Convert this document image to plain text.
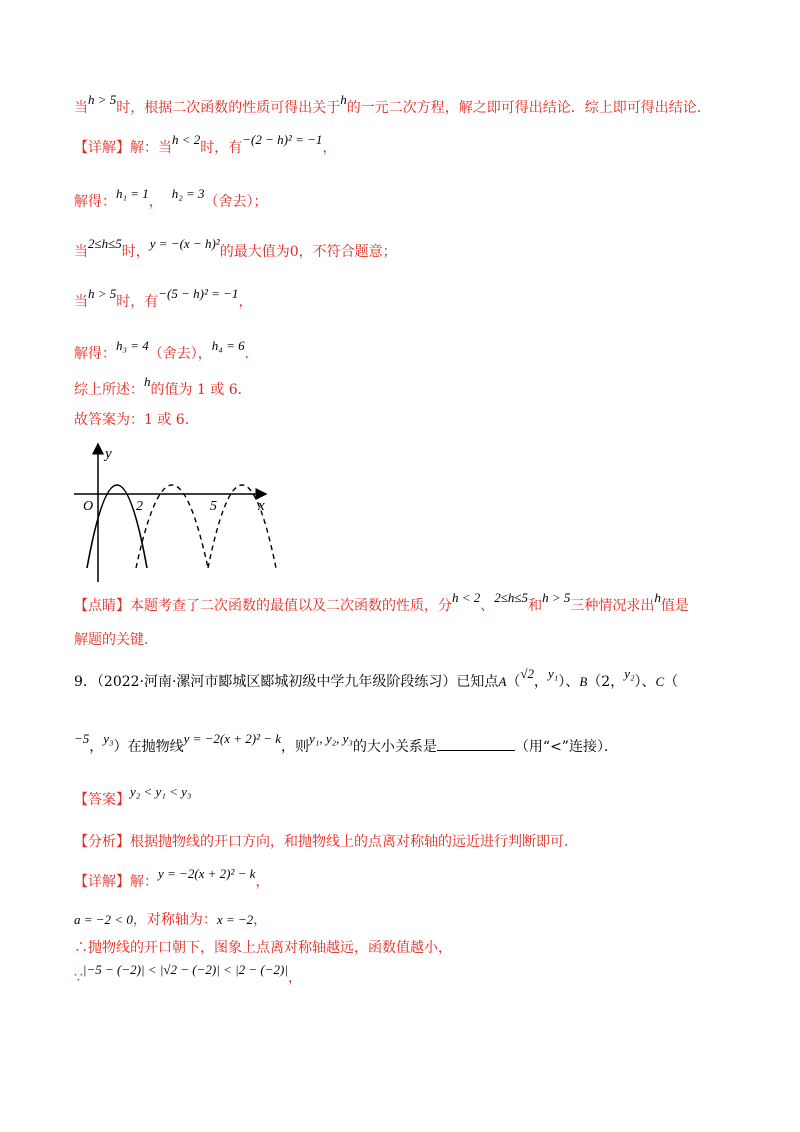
当h > 5时，根据二次函数的性质可得出关于h的一元二次方程，解之即可得出结论．综上即可得出结论．
【详解】解：当h < 2时，有−(2 − h)² = −1，
解得：h₁ = 1，  h₂ = 3（舍去）；
当2≤h≤5时，y = −(x − h)²的最大值为0，不符合题意；
当h > 5时，有−(5 − h)² = −1，
解得：h₃ = 4（舍去），h₄ = 6．
综上所述：h的值为 1 或 6．
故答案为：1 或 6．
y
x
O	2	5
【点睛】本题考查了二次函数的最值以及二次函数的性质，分h < 2、2≤h≤5和h > 5三种情况求出h值是
解题的关键．
9．（2022·河南·漯河市郾城区郾城初级中学九年级阶段练习）已知点A（√2，y₁）、B（2，y₂）、C（
−5，y₃）在抛物线y = −2(x + 2)² − k，则y₁, y₂, y₃的大小关系是	（用“<”连接）．
【答案】y₂ < y₁ < y₃
【分析】根据抛物线的开口方向，和抛物线上的点离对称轴的远近进行判断即可．
【详解】解：y = −2(x + 2)² − k，
a = −2 < 0，对称轴为：x = −2，
∴抛物线的开口朝下，图象上点离对称轴越远，函数值越小，
∵|−5 − (−2)| < |√2 − (−2)| < |2 − (−2)|，
